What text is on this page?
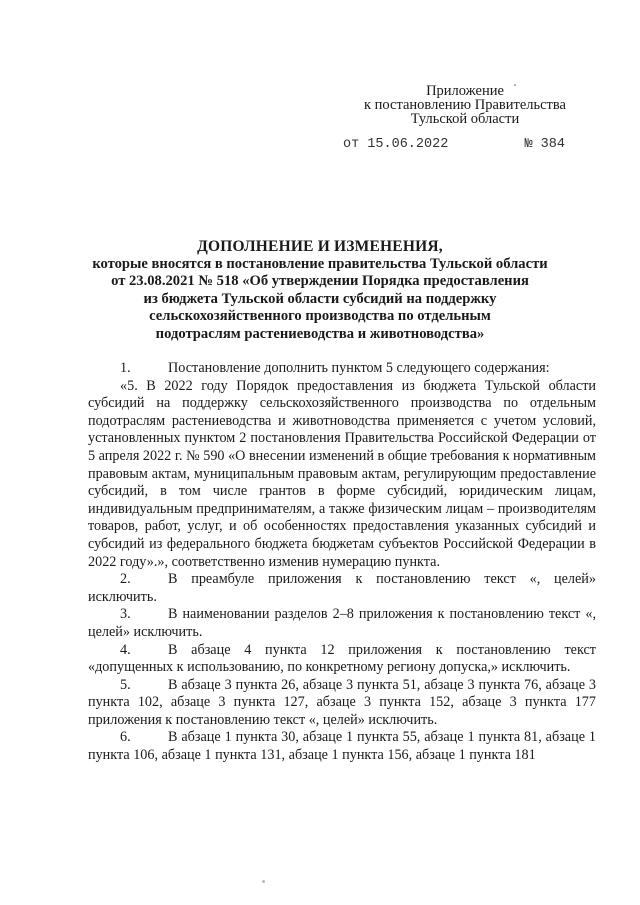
Приложение
к постановлению Правительства
Тульской области
от 15.06.2022	№ 384
ДОПОЛНЕНИЕ И ИЗМЕНЕНИЯ,
которые вносятся в постановление правительства Тульской области
от 23.08.2021 № 518 «Об утверждении Порядка предоставления
из бюджета Тульской области субсидий на поддержку
сельскохозяйственного производства по отдельным
подотраслям растениеводства и животноводства»

1.	Постановление дополнить пунктом 5 следующего содержания:

«5. В 2022 году Порядок предоставления из бюджета Тульской области субсидий на поддержку сельскохозяйственного производства по отдельным подотраслям растениеводства и животноводства применяется с учетом условий, установленных пунктом 2 постановления Правительства Российской Федерации от 5 апреля 2022 г. № 590 «О внесении изменений в общие требования к нормативным правовым актам, муниципальным правовым актам, регулирующим предоставление субсидий, в том числе грантов в форме субсидий, юридическим лицам, индивидуальным предпринимателям, а также физическим лицам – производителям товаров, работ, услуг, и об особенностях предоставления указанных субсидий и субсидий из федерального бюджета бюджетам субъектов Российской Федерации в 2022 году».», соответственно изменив нумерацию пункта.

2.	В преамбуле приложения к постановлению текст «, целей» исключить.

3.	В наименовании разделов 2–8 приложения к постановлению текст «, целей» исключить.

4.	В абзаце 4 пункта 12 приложения к постановлению текст «допущенных к использованию, по конкретному региону допуска,» исключить.

5.	В абзаце 3 пункта 26, абзаце 3 пункта 51, абзаце 3 пункта 76, абзаце 3 пункта 102, абзаце 3 пункта 127, абзаце 3 пункта 152, абзаце 3 пункта 177 приложения к постановлению текст «, целей» исключить.

6.	В абзаце 1 пункта 30, абзаце 1 пункта 55, абзаце 1 пункта 81, абзаце 1 пункта 106, абзаце 1 пункта 131, абзаце 1 пункта 156, абзаце 1 пункта 181
